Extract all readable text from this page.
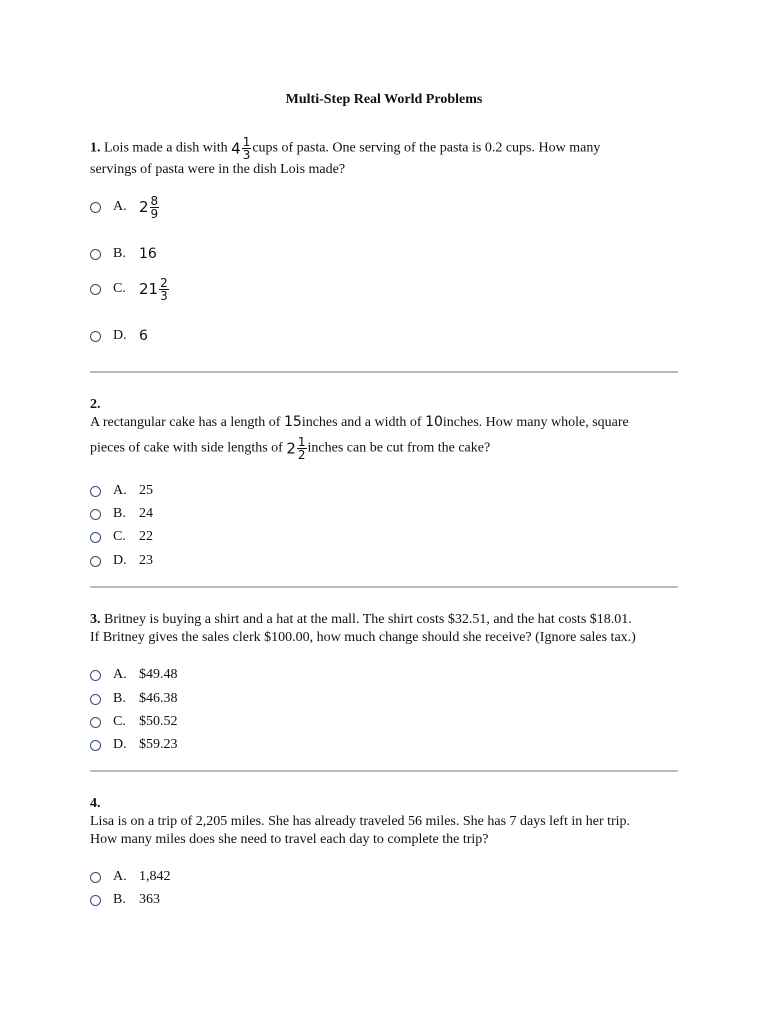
Multi-Step Real World Problems
1. Lois made a dish with $4 \frac{1}{3}$ cups of pasta. One serving of the pasta is 0.2 cups. How many
servings of pasta were in the dish Lois made?
A. $2 \frac{8}{9}$
B. 16
C. $21 \frac{2}{3}$
D. 6
2.
A rectangular cake has a length of 15inches and a width of 10inches. How many whole, square
pieces of cake with side lengths of $2 \frac{1}{2}$ inches can be cut from the cake?
A. 25
B. 24
C. 22
D. 23
3. Britney is buying a shirt and a hat at the mall. The shirt costs $32.51, and the hat costs $18.01.
If Britney gives the sales clerk $100.00, how much change should she receive? (Ignore sales tax.)
A. $49.48
B. $46.38
C. $50.52
D. $59.23
4.
Lisa is on a trip of 2,205 miles. She has already traveled 56 miles. She has 7 days left in her trip.
How many miles does she need to travel each day to complete the trip?
A. 1,842
B. 363
